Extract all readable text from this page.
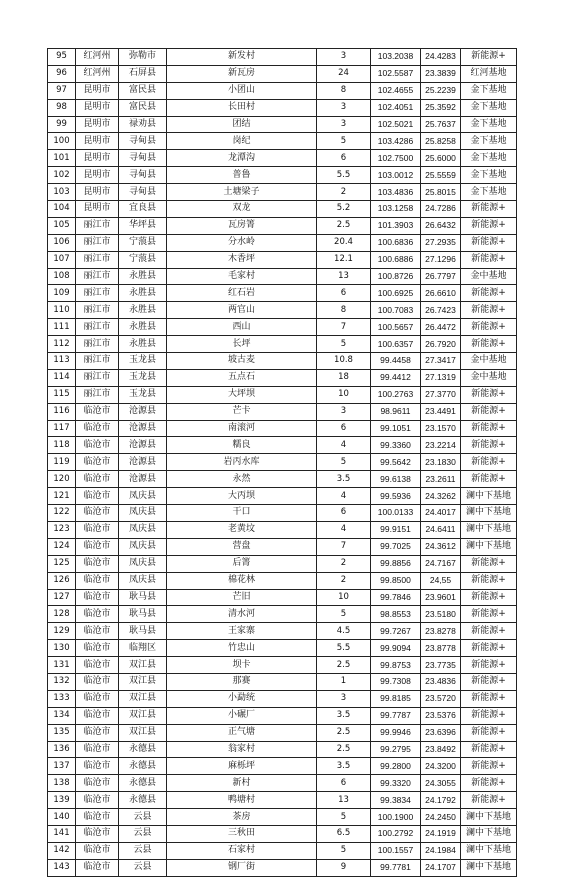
95	红河州	弥勒市	新发村	3	103.2038	24.4283	新能源+
96	红河州	石屏县	新瓦房	24	102.5587	23.3839	红河基地
97	昆明市	富民县	小团山	8	102.4655	25.2239	金下基地
98	昆明市	富民县	长田村	3	102.4051	25.3592	金下基地
99	昆明市	禄劝县	团结	3	102.5021	25.7637	金下基地
100	昆明市	寻甸县	岗纪	5	103.4286	25.8258	金下基地
101	昆明市	寻甸县	龙潭沟	6	102.7500	25.6000	金下基地
102	昆明市	寻甸县	普鲁	5.5	103.0012	25.5559	金下基地
103	昆明市	寻甸县	土塘梁子	2	103.4836	25.8015	金下基地
104	昆明市	宜良县	双龙	5.2	103.1258	24.7286	新能源+
105	丽江市	华坪县	瓦房箐	2.5	101.3903	26.6432	新能源+
106	丽江市	宁蒗县	分水岭	20.4	100.6836	27.2935	新能源+
107	丽江市	宁蒗县	木香坪	12.1	100.6886	27.1296	新能源+
108	丽江市	永胜县	毛家村	13	100.8726	26.7797	金中基地
109	丽江市	永胜县	红石岩	6	100.6925	26.6610	新能源+
110	丽江市	永胜县	两官山	8	100.7083	26.7423	新能源+
111	丽江市	永胜县	西山	7	100.5657	26.4472	新能源+
112	丽江市	永胜县	长坪	5	100.6357	26.7920	新能源+
113	丽江市	玉龙县	坡古麦	10.8	99.4458	27.3417	金中基地
114	丽江市	玉龙县	五点石	18	99.4412	27.1319	金中基地
115	丽江市	玉龙县	大坪坝	10	100.2763	27.3770	新能源+
116	临沧市	沧源县	芒卡	3	98.9611	23.4491	新能源+
117	临沧市	沧源县	南滚河	6	99.1051	23.1570	新能源+
118	临沧市	沧源县	糯良	4	99.3360	23.2214	新能源+
119	临沧市	沧源县	岩丙水库	5	99.5642	23.1830	新能源+
120	临沧市	沧源县	永然	3.5	99.6138	23.2611	新能源+
121	临沧市	凤庆县	大丙坝	4	99.5936	24.3262	澜中下基地
122	临沧市	凤庆县	干口	6	100.0133	24.4017	澜中下基地
123	临沧市	凤庆县	老黄坟	4	99.9151	24.6411	澜中下基地
124	临沧市	凤庆县	营盘	7	99.7025	24.3612	澜中下基地
125	临沧市	凤庆县	后箐	2	99.8856	24.7167	新能源+
126	临沧市	凤庆县	棉花林	2	99.8500	24,55	新能源+
127	临沧市	耿马县	芒旧	10	99.7846	23.9601	新能源+
128	临沧市	耿马县	清水河	5	98.8553	23.5180	新能源+
129	临沧市	耿马县	王家寨	4.5	99.7267	23.8278	新能源+
130	临沧市	临翔区	竹忠山	5.5	99.9094	23.8778	新能源+
131	临沧市	双江县	坝卡	2.5	99.8753	23.7735	新能源+
132	临沧市	双江县	那赛	1	99.7308	23.4836	新能源+
133	临沧市	双江县	小勐统	3	99.8185	23.5720	新能源+
134	临沧市	双江县	小碾厂	3.5	99.7787	23.5376	新能源+
135	临沧市	双江县	正气塘	2.5	99.9946	23.6396	新能源+
136	临沧市	永德县	翁家村	2.5	99.2795	23.8492	新能源+
137	临沧市	永德县	麻栎坪	3.5	99.2800	24.3200	新能源+
138	临沧市	永德县	新村	6	99.3320	24.3055	新能源+
139	临沧市	永德县	鸭塘村	13	99.3834	24.1792	新能源+
140	临沧市	云县	茶房	5	100.1900	24.2450	澜中下基地
141	临沧市	云县	三秋田	6.5	100.2792	24.1919	澜中下基地
142	临沧市	云县	石家村	5	100.1557	24.1984	澜中下基地
143	临沧市	云县	钢厂街	9	99.7781	24.1707	澜中下基地
